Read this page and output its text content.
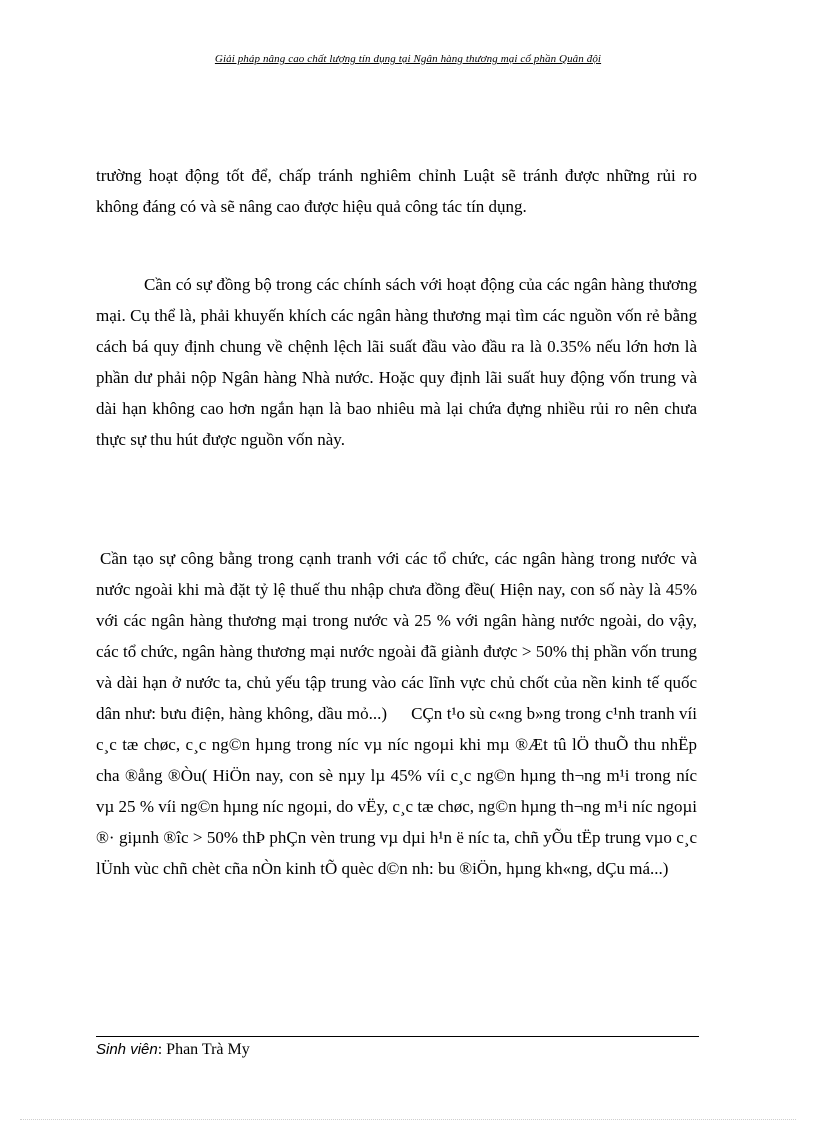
Giải pháp nâng cao chất lượng tín dụng tại Ngân hàng thương mại cổ phần Quân đội
trường hoạt động tốt để, chấp tránh nghiêm chỉnh Luật sẽ tránh được những rủi ro không đáng có và sẽ nâng cao được hiệu quả công tác tín dụng.
Cần có sự đồng bộ trong các chính sách với hoạt động của các ngân hàng thương mại. Cụ thể là, phải khuyến khích các ngân hàng thương mại tìm các nguồn vốn rẻ bằng cách bá quy định chung về chệnh lệch lãi suất đầu vào đầu ra là 0.35% nếu lớn hơn là phần dư phải nộp Ngân hàng Nhà nước. Hoặc quy định lãi suất huy động vốn trung và dài hạn không cao hơn ngắn hạn là bao nhiêu mà lại chứa đựng nhiều rủi ro nên chưa thực sự thu hút được nguồn vốn này.
Cần tạo sự công bằng trong cạnh tranh với các tổ chức, các ngân hàng trong nước và nước ngoài khi mà đặt tỷ lệ thuế thu nhập chưa đồng đều( Hiện nay, con số này là 45% với các ngân hàng thương mại trong nước và 25 % với ngân hàng nước ngoài, do vậy, các tổ chức, ngân hàng thương mại nước ngoài đã giành được > 50% thị phần vốn trung và dài hạn ở nước ta, chủ yếu tập trung vào các lĩnh vực chủ chốt của nền kinh tế quốc dân như: bưu điện, hàng không, dầu mỏ...) CÇn t¹o sù c«ng b»ng trong c¹nh tranh víi c¸c tæ chøc, c¸c ng©n hµng trong níc vµ níc ngoµi khi mµ ®Æt tû lÖ thuÕ thu nhËp cha ®ång ®Òu( HiÖn nay, con sè nµy lµ 45% víi c¸c ng©n hµng th¬ng m¹i trong níc vµ 25 % víi ng©n hµng níc ngoµi, do vËy, c¸c tæ chøc, ng©n hµng th¬ng m¹i níc ngoµi ®· giµnh ®îc > 50% thÞ phÇn vèn trung vµ dµi h¹n ë níc ta, chñ yÕu tËp trung vµo c¸c lÜnh vùc chñ chèt cña nÒn kinh tÕ quèc d©n nh: bu ®iÖn, hµng kh«ng, dÇu má...)
Sinh viên: Phan Trà My
